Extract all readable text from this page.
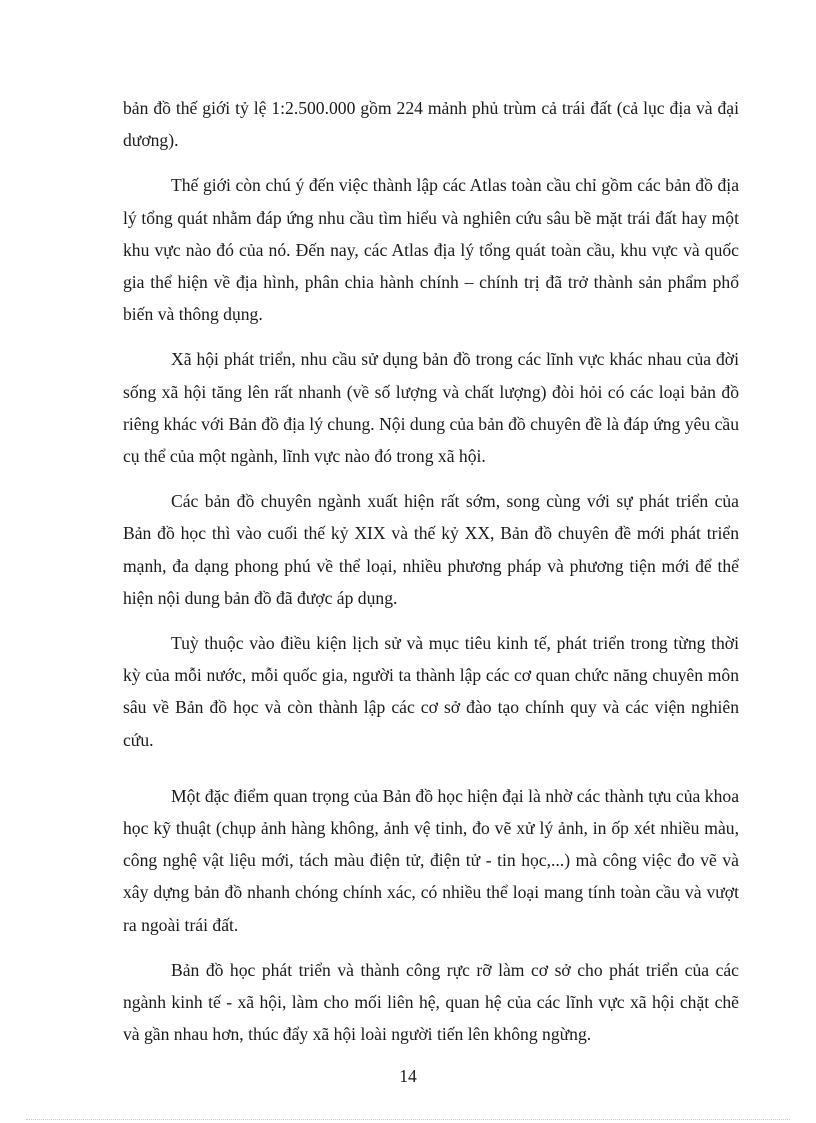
bản đồ thế giới tỷ lệ 1:2.500.000 gồm 224 mảnh phủ trùm cả trái đất (cả lục địa và đại dương).

Thế giới còn chú ý đến việc thành lập các Atlas toàn cầu chỉ gồm các bản đồ địa lý tổng quát nhằm đáp ứng nhu cầu tìm hiểu và nghiên cứu sâu bề mặt trái đất hay một khu vực nào đó của nó. Đến nay, các Atlas địa lý tổng quát toàn cầu, khu vực và quốc gia thể hiện về địa hình, phân chia hành chính – chính trị đã trở thành sản phẩm phổ biến và thông dụng.

Xã hội phát triển, nhu cầu sử dụng bản đồ trong các lĩnh vực khác nhau của đời sống xã hội tăng lên rất nhanh (về số lượng và chất lượng) đòi hỏi có các loại bản đồ riêng khác với Bản đồ địa lý chung. Nội dung của bản đồ chuyên đề là đáp ứng yêu cầu cụ thể của một ngành, lĩnh vực nào đó trong xã hội.

Các bản đồ chuyên ngành xuất hiện rất sớm, song cùng với sự phát triển của Bản đồ học thì vào cuối thế kỷ XIX và thế kỷ XX, Bản đồ chuyên đề mới phát triển mạnh, đa dạng phong phú về thể loại, nhiều phương pháp và phương tiện mới để thể hiện nội dung bản đồ đã được áp dụng.

Tuỳ thuộc vào điều kiện lịch sử và mục tiêu kinh tế, phát triển trong từng thời kỳ của mỗi nước, mỗi quốc gia, người ta thành lập các cơ quan chức năng chuyên môn sâu về Bản đồ học và còn thành lập các cơ sở đào tạo chính quy và các viện nghiên cứu.

Một đặc điểm quan trọng của Bản đồ học hiện đại là nhờ các thành tựu của khoa học kỹ thuật (chụp ảnh hàng không, ảnh vệ tinh, đo vẽ xử lý ảnh, in ốp xét nhiều màu, công nghệ vật liệu mới, tách màu điện tử, điện tử - tin học,...) mà công việc đo vẽ và xây dựng bản đồ nhanh chóng chính xác, có nhiều thể loại mang tính toàn cầu và vượt ra ngoài trái đất.

Bản đồ học phát triển và thành công rực rỡ làm cơ sở cho phát triển của các ngành kinh tế - xã hội, làm cho mối liên hệ, quan hệ của các lĩnh vực xã hội chặt chẽ và gần nhau hơn, thúc đẩy xã hội loài người tiến lên không ngừng.

14
